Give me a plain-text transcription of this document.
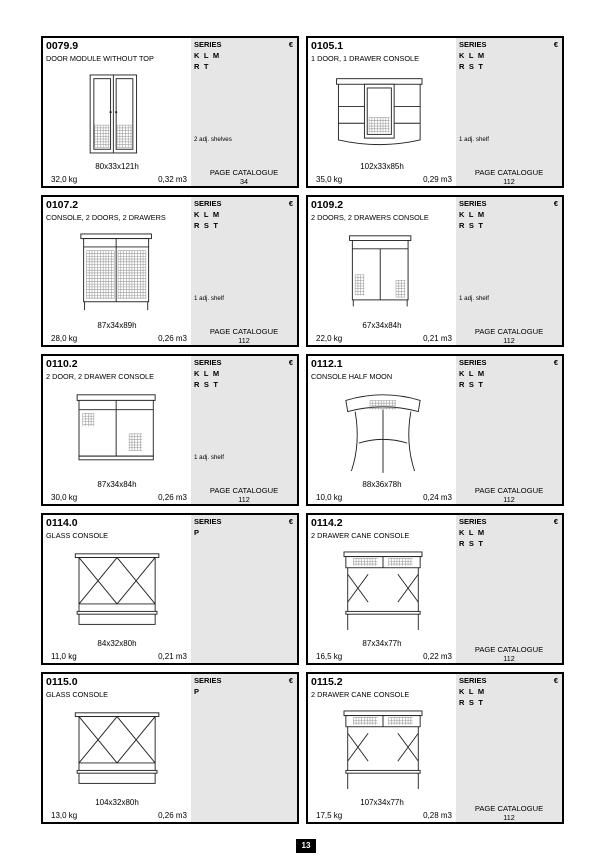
0079.9
DOOR MODULE WITHOUT TOP
80x33x121h
32,0 kg	0,32 m3
SERIES	€
K L M
R T
2 adj. shelves
PAGE CATALOGUE
34
0105.1
1 DOOR, 1 DRAWER CONSOLE
102x33x85h
35,0 kg	0,29 m3
SERIES	€
K L M
R S T
1 adj. shelf
PAGE CATALOGUE
112
0107.2
CONSOLE, 2 DOORS, 2 DRAWERS
87x34x89h
28,0 kg	0,26 m3
SERIES	€
K L M
R S T
1 adj. shelf
PAGE CATALOGUE
112
0109.2
2 DOORS, 2 DRAWERS CONSOLE
67x34x84h
22,0 kg	0,21 m3
SERIES	€
K L M
R S T
1 adj. shelf
PAGE CATALOGUE
112
0110.2
2 DOOR, 2 DRAWER CONSOLE
87x34x84h
30,0 kg	0,26 m3
SERIES	€
K L M
R S T
1 adj. shelf
PAGE CATALOGUE
112
0112.1
CONSOLE HALF MOON
88x36x78h
10,0 kg	0,24 m3
SERIES	€
K L M
R S T
PAGE CATALOGUE
112
0114.0
GLASS CONSOLE
84x32x80h
11,0 kg	0,21 m3
SERIES	€
P
0114.2
2 DRAWER CANE CONSOLE
87x34x77h
16,5 kg	0,22 m3
SERIES	€
K L M
R S T
PAGE CATALOGUE
112
0115.0
GLASS CONSOLE
104x32x80h
13,0 kg	0,26 m3
SERIES	€
P
0115.2
2 DRAWER CANE CONSOLE
107x34x77h
17,5 kg	0,28 m3
SERIES	€
K L M
R S T
PAGE CATALOGUE
112
13
